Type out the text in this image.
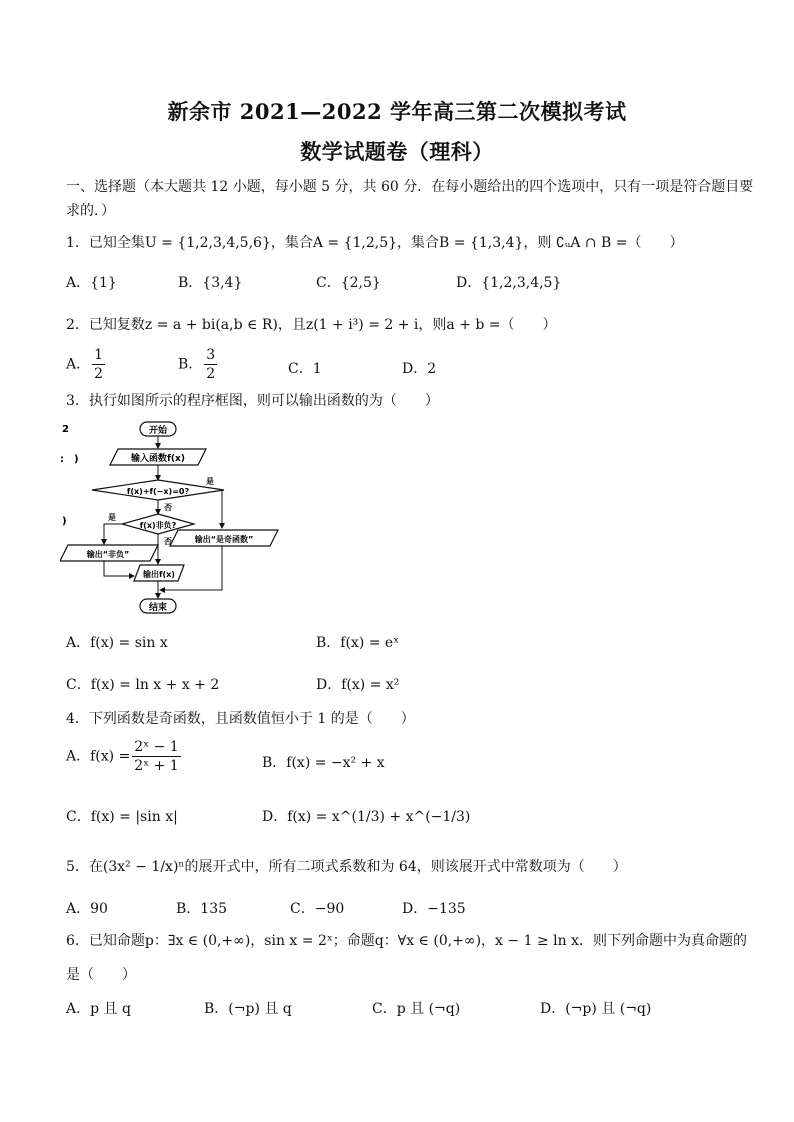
新余市 2021—2022 学年高三第二次模拟考试
数学试题卷（理科）
一、选择题（本大题共 12 小题，每小题 5 分，共 60 分．在每小题给出的四个选项中，只有一项是符合题目要
求的．）
1．已知全集U = {1,2,3,4,5,6}，集合A = {1,2,5}，集合B = {1,3,4}，则 ∁ᵤA ∩ B =（　　）
A．{1}	B．{3,4}	C．{2,5}	D．{1,2,3,4,5}
2．已知复数z = a + bi(a,b ∈ R)，且z(1 + i³) = 2 + i，则a + b =（　　）
A． $\frac{1}{2}$	B． $\frac{3}{2}$	C．1	D．2
3．执行如图所示的程序框图，则可以输出函数的为（　　）
2
:　)
)
开始
输入函数f(x)
f(x)+f(−x)=0?
是
否
f(x)非负?
是
否	输出“是奇函数”
输出“非负”
输出f(x)
结束
A．f(x) = sin x	B．f(x) = eˣ
C．f(x) = ln x + x + 2	D．f(x) = x²
4．下列函数是奇函数，且函数值恒小于 1 的是（　　）
A．$f(x) = \frac{\text{2ˣ − 1}}{\text{2ˣ + 1}}$	B．f(x) = −x² + x
C．f(x) = |sin x|	D．f(x) = x^(1/3) + x^(−1/3)
5．在(3x² − 1/x)ⁿ的展开式中，所有二项式系数和为 64，则该展开式中常数项为（　　）
A．90	B．135	C．−90	D．−135
6．已知命题p：∃x ∈ (0,+∞)，sin x = 2ˣ；命题q：∀x ∈ (0,+∞)，x − 1 ≥ ln x．则下列命题中为真命题的
是（　　）
A．p 且 q	B．(¬p) 且 q	C．p 且 (¬q)	D．(¬p) 且 (¬q)
